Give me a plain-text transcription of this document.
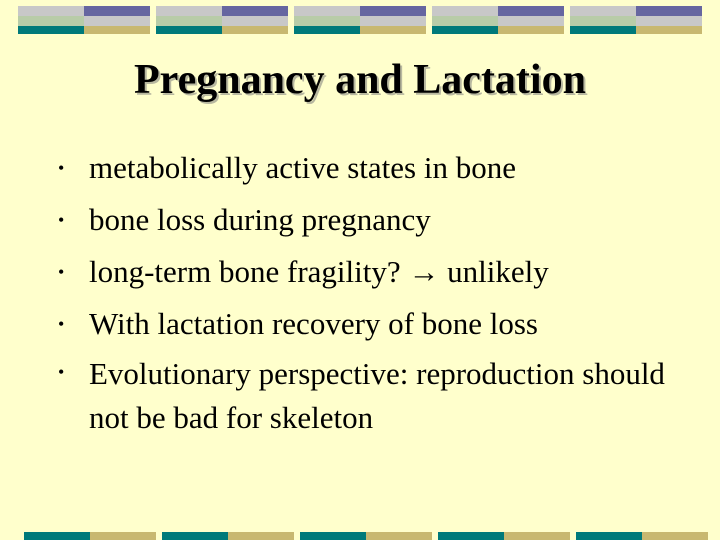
Pregnancy and Lactation
• metabolically active states in bone
• bone loss during pregnancy
• long-term bone fragility? → unlikely
• With lactation recovery of bone loss
• Evolutionary perspective: reproduction should not be bad for skeleton
